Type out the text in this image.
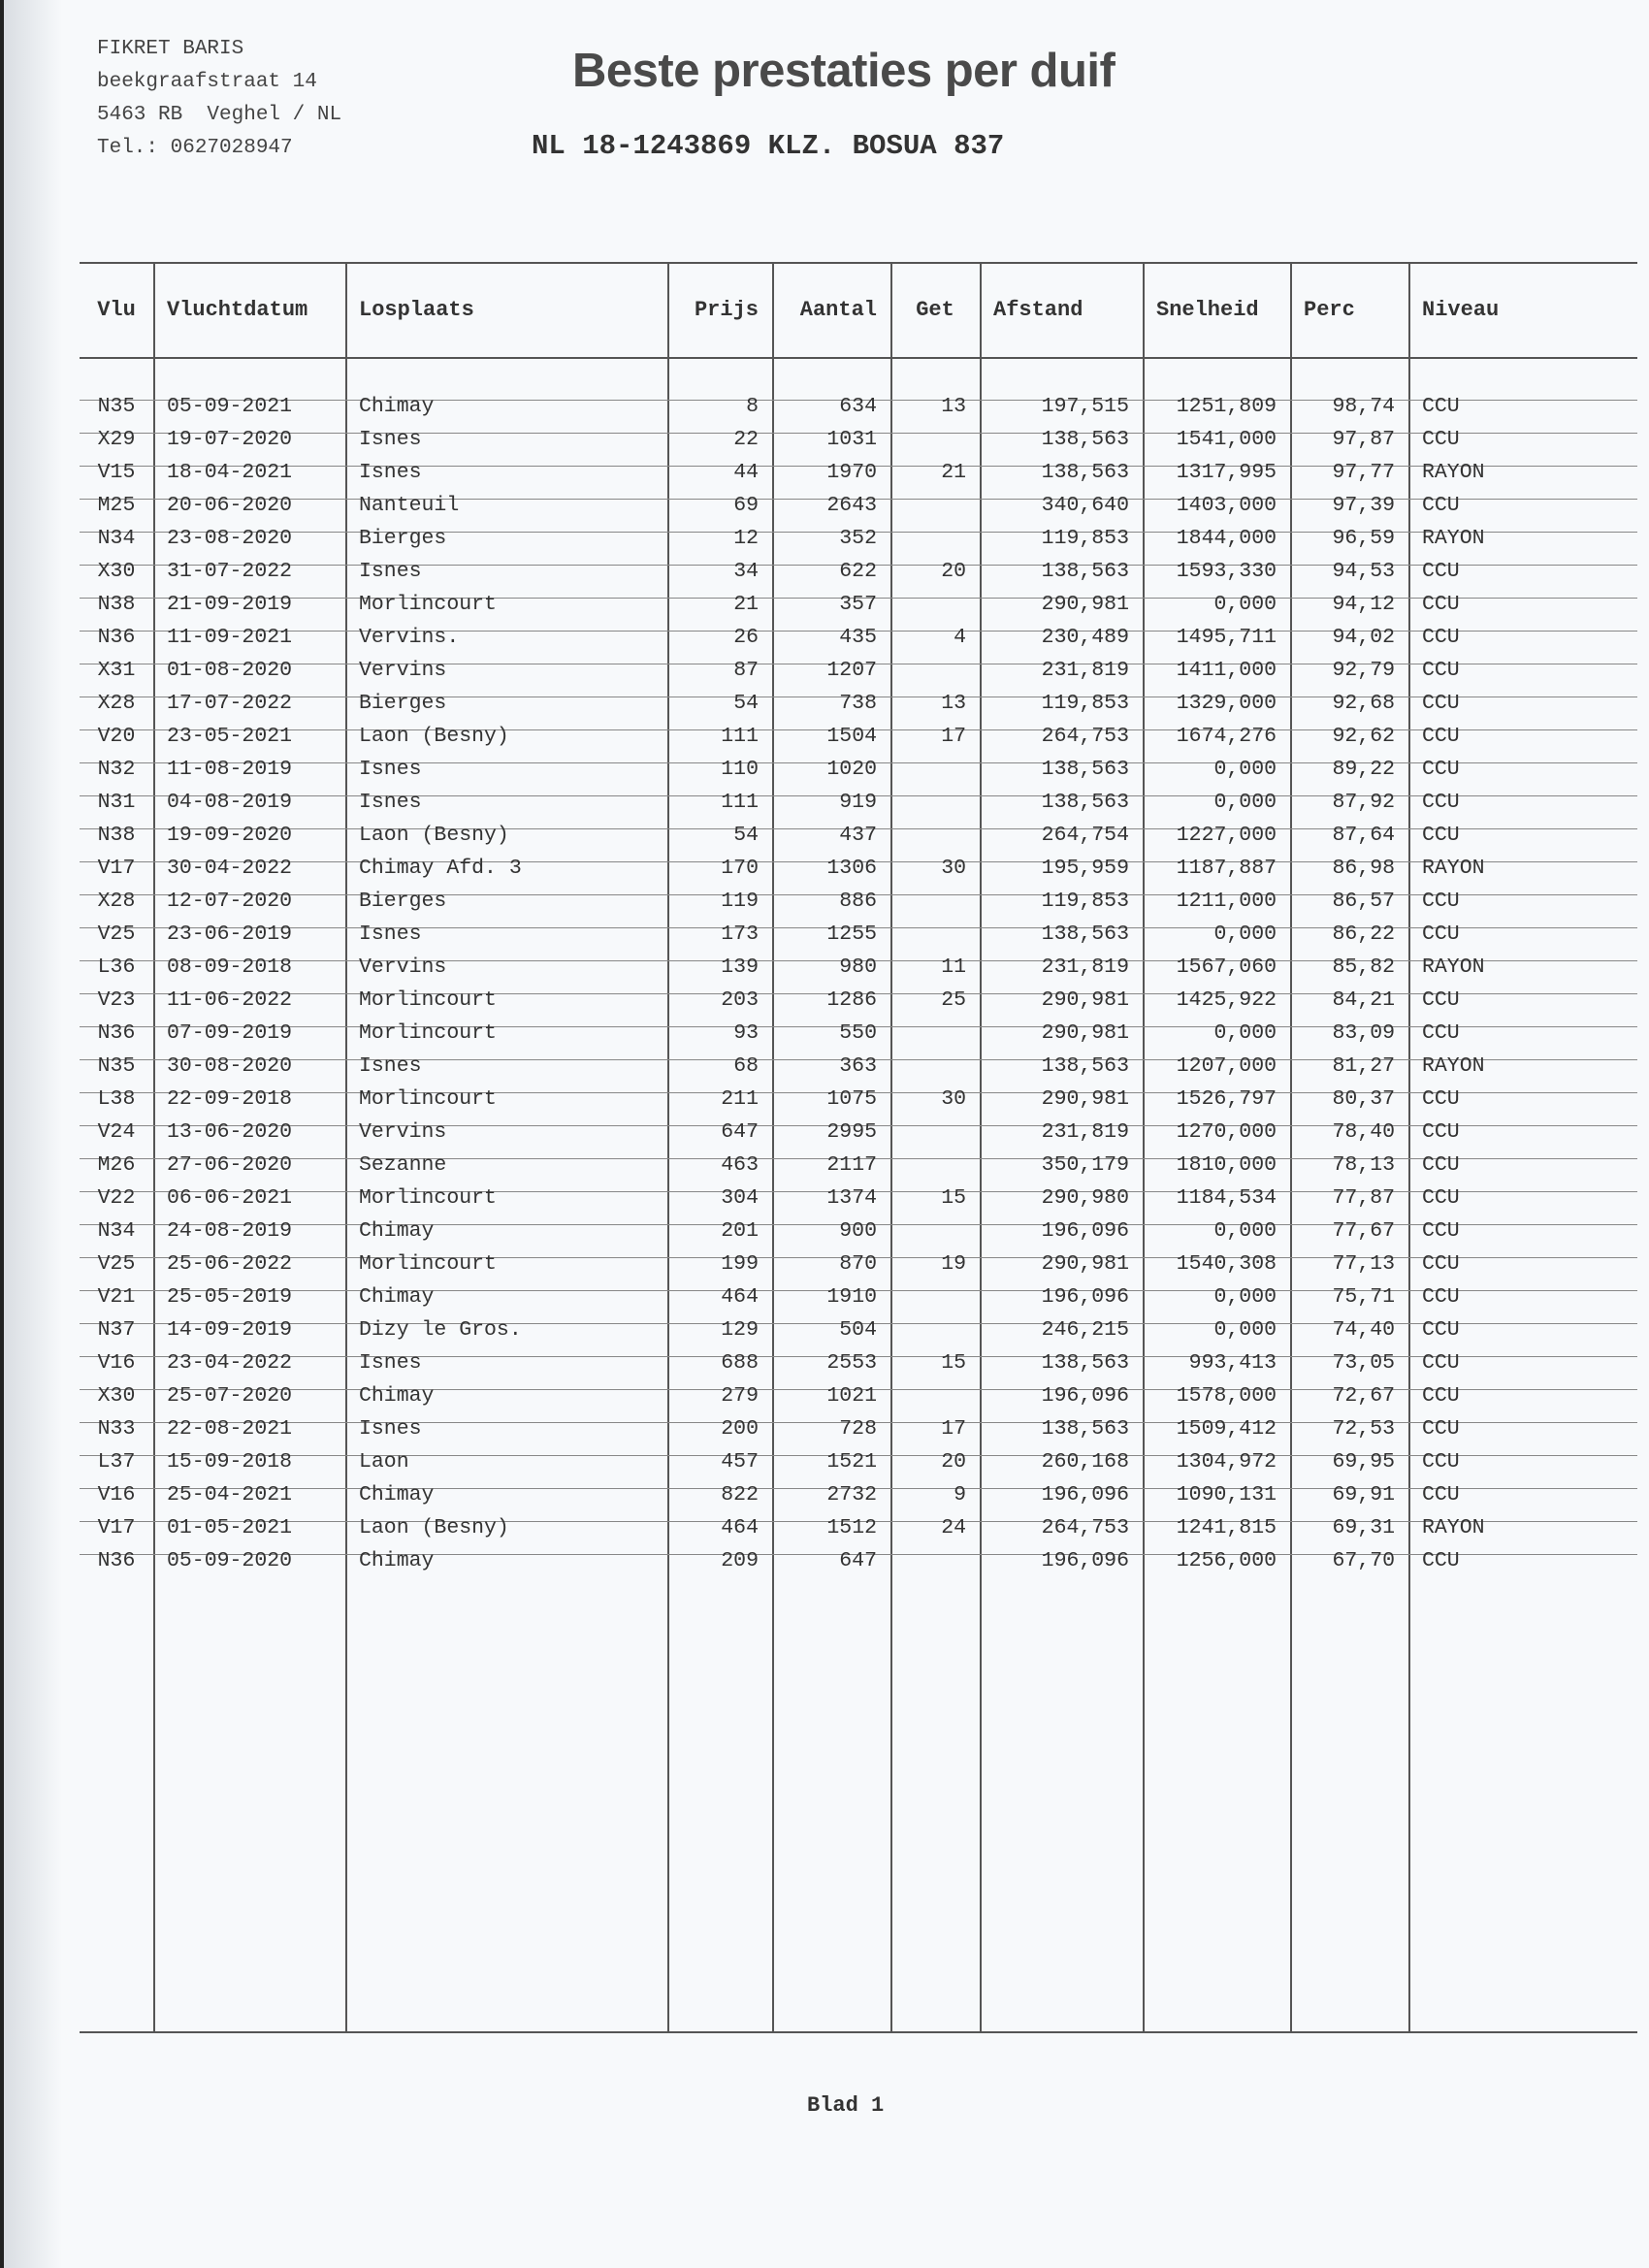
FIKRET BARIS
beekgraafstraat 14
5463 RB  Veghel / NL
Tel.: 0627028947
Beste prestaties per duif
NL 18-1243869 KLZ. BOSUA 837
Vlu	Vluchtdatum	Losplaats	Prijs	Aantal	Get	Afstand	Snelheid	Perc	Niveau

N35	05-09-2021	Chimay	8	634	13	197,515	1251,809	98,74	CCU
X29	19-07-2020	Isnes	22	1031		138,563	1541,000	97,87	CCU
V15	18-04-2021	Isnes	44	1970	21	138,563	1317,995	97,77	RAYON
M25	20-06-2020	Nanteuil	69	2643		340,640	1403,000	97,39	CCU
N34	23-08-2020	Bierges	12	352		119,853	1844,000	96,59	RAYON
X30	31-07-2022	Isnes	34	622	20	138,563	1593,330	94,53	CCU
N38	21-09-2019	Morlincourt	21	357		290,981	0,000	94,12	CCU
N36	11-09-2021	Vervins.	26	435	4	230,489	1495,711	94,02	CCU
X31	01-08-2020	Vervins	87	1207		231,819	1411,000	92,79	CCU
X28	17-07-2022	Bierges	54	738	13	119,853	1329,000	92,68	CCU
V20	23-05-2021	Laon (Besny)	111	1504	17	264,753	1674,276	92,62	CCU
N32	11-08-2019	Isnes	110	1020		138,563	0,000	89,22	CCU
N31	04-08-2019	Isnes	111	919		138,563	0,000	87,92	CCU
N38	19-09-2020	Laon (Besny)	54	437		264,754	1227,000	87,64	CCU
V17	30-04-2022	Chimay Afd. 3	170	1306	30	195,959	1187,887	86,98	RAYON
X28	12-07-2020	Bierges	119	886		119,853	1211,000	86,57	CCU
V25	23-06-2019	Isnes	173	1255		138,563	0,000	86,22	CCU
L36	08-09-2018	Vervins	139	980	11	231,819	1567,060	85,82	RAYON
V23	11-06-2022	Morlincourt	203	1286	25	290,981	1425,922	84,21	CCU
N36	07-09-2019	Morlincourt	93	550		290,981	0,000	83,09	CCU
N35	30-08-2020	Isnes	68	363		138,563	1207,000	81,27	RAYON
L38	22-09-2018	Morlincourt	211	1075	30	290,981	1526,797	80,37	CCU
V24	13-06-2020	Vervins	647	2995		231,819	1270,000	78,40	CCU
M26	27-06-2020	Sezanne	463	2117		350,179	1810,000	78,13	CCU
V22	06-06-2021	Morlincourt	304	1374	15	290,980	1184,534	77,87	CCU
N34	24-08-2019	Chimay	201	900		196,096	0,000	77,67	CCU
V25	25-06-2022	Morlincourt	199	870	19	290,981	1540,308	77,13	CCU
V21	25-05-2019	Chimay	464	1910		196,096	0,000	75,71	CCU
N37	14-09-2019	Dizy le Gros.	129	504		246,215	0,000	74,40	CCU
V16	23-04-2022	Isnes	688	2553	15	138,563	993,413	73,05	CCU
X30	25-07-2020	Chimay	279	1021		196,096	1578,000	72,67	CCU
N33	22-08-2021	Isnes	200	728	17	138,563	1509,412	72,53	CCU
L37	15-09-2018	Laon	457	1521	20	260,168	1304,972	69,95	CCU
V16	25-04-2021	Chimay	822	2732	9	196,096	1090,131	69,91	CCU
V17	01-05-2021	Laon (Besny)	464	1512	24	264,753	1241,815	69,31	RAYON
N36	05-09-2020	Chimay	209	647		196,096	1256,000	67,70	CCU
Blad 1
